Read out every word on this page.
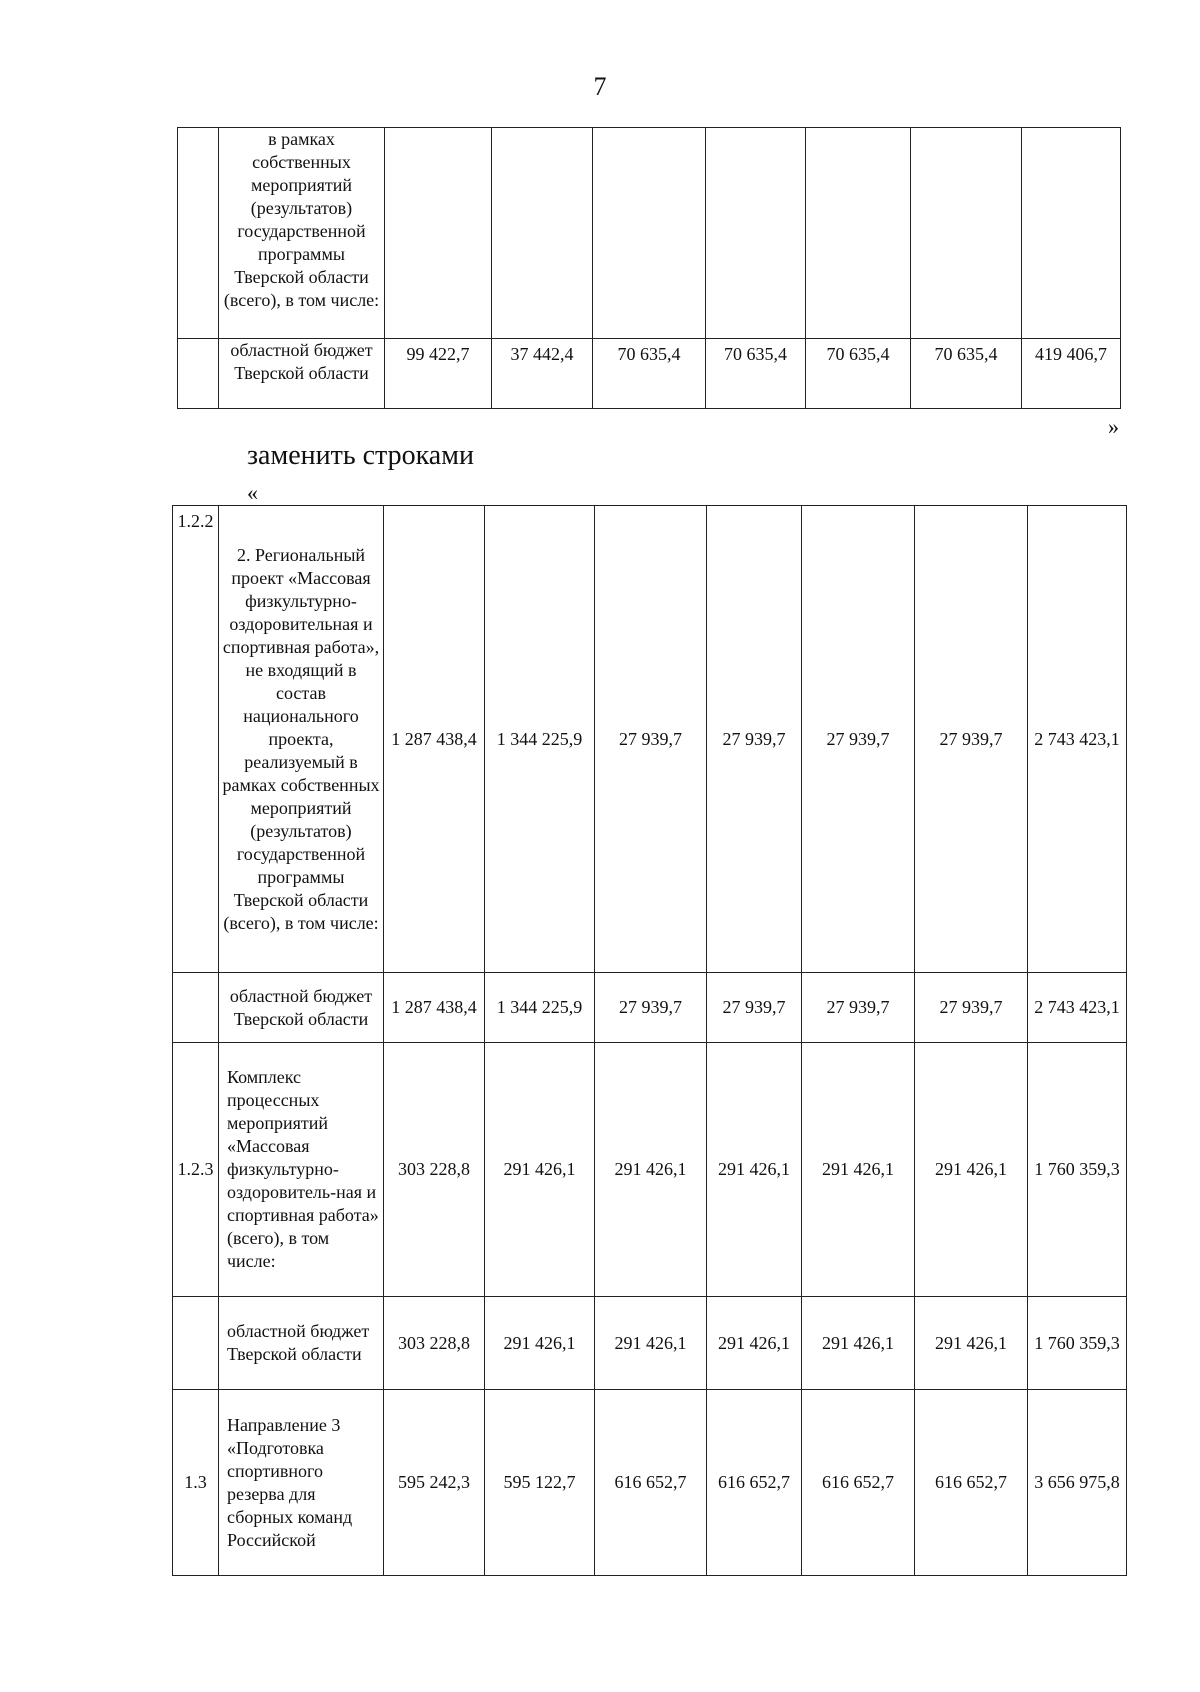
7
	в рамках собственных мероприятий (результатов) государственной программы Тверской области (всего), в том числе:							
	областной бюджет Тверской области	99 422,7	37 442,4	70 635,4	70 635,4	70 635,4	70 635,4	419 406,7
»
заменить строками
«
1.2.2	2. Региональный проект «Массовая физкультурно-оздоровительная и спортивная работа», не входящий в состав национального проекта, реализуемый в рамках собственных мероприятий (результатов) государственной программы Тверской области (всего), в том числе:	1 287 438,4	1 344 225,9	27 939,7	27 939,7	27 939,7	27 939,7	2 743 423,1
	областной бюджет Тверской области	1 287 438,4	1 344 225,9	27 939,7	27 939,7	27 939,7	27 939,7	2 743 423,1
1.2.3	Комплекс процессных мероприятий «Массовая физкультурно-оздоровитель-ная и спортивная работа» (всего), в том числе:	303 228,8	291 426,1	291 426,1	291 426,1	291 426,1	291 426,1	1 760 359,3
	областной бюджет Тверской области	303 228,8	291 426,1	291 426,1	291 426,1	291 426,1	291 426,1	1 760 359,3
1.3	Направление 3 «Подготовка спортивного резерва для сборных команд Российской	595 242,3	595 122,7	616 652,7	616 652,7	616 652,7	616 652,7	3 656 975,8
